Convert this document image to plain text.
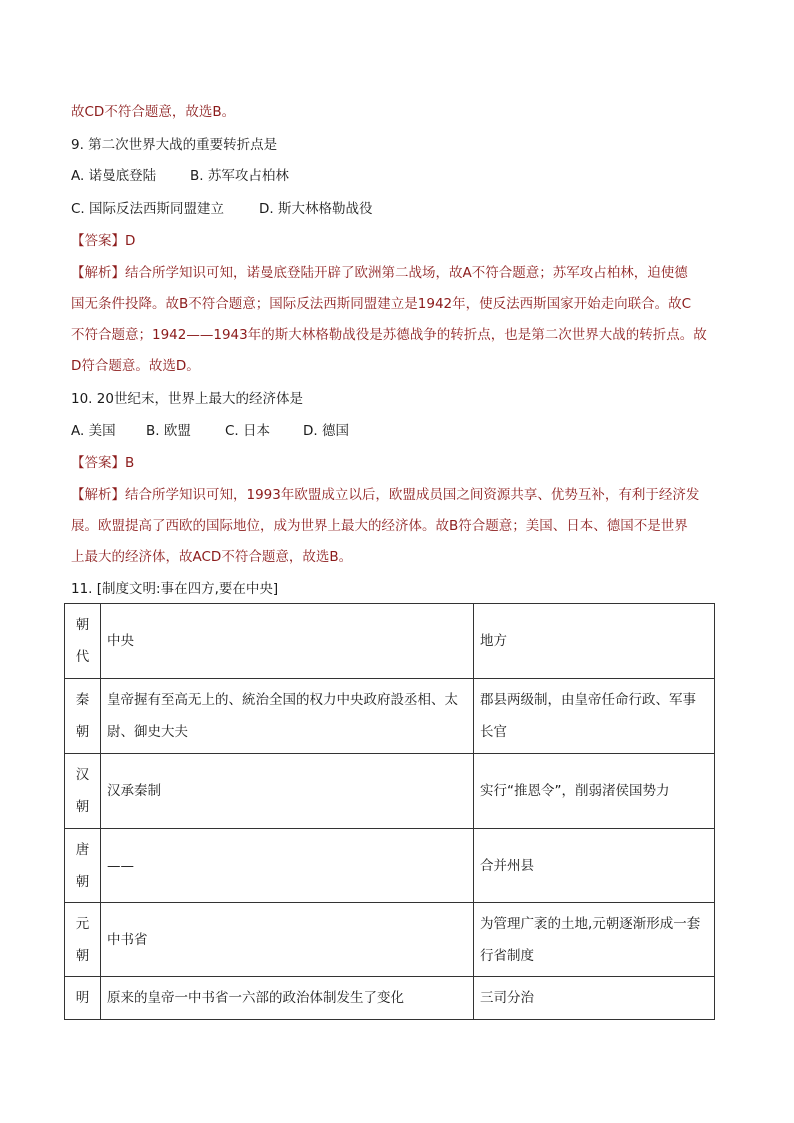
故CD不符合题意，故选B。
9. 第二次世界大战的重要转折点是
A. 诺曼底登陆	B. 苏军攻占柏林
C. 国际反法西斯同盟建立	D. 斯大林格勒战役
【答案】D
【解析】结合所学知识可知，诺曼底登陆开辟了欧洲第二战场，故A不符合题意；苏军攻占柏林，迫使德
国无条件投降。故B不符合题意；国际反法西斯同盟建立是1942年，使反法西斯国家开始走向联合。故C
不符合题意；1942——1943年的斯大林格勒战役是苏德战争的转折点，也是第二次世界大战的转折点。故
D符合题意。故选D。
10. 20世纪末，世界上最大的经济体是
A. 美国 B. 欧盟	C. 日本 D. 德国
【答案】B
【解析】结合所学知识可知，1993年欧盟成立以后，欧盟成员国之间资源共享、优势互补，有利于经济发
展。欧盟提高了西欧的国际地位，成为世界上最大的经济体。故B符合题意；美国、日本、德国不是世界
上最大的经济体，故ACD不符合题意，故选B。
11. [制度文明:事在四方,要在中央]
朝
代	中央	地方

秦
朝	皇帝握有至高无上的、統治全国的权力中央政府設丞相、太尉、御史大夫	郡县两级制，由皇帝任命行政、军事长官

汉
朝	汉承秦制	实行“推恩令”，削弱渚侯国势力

唐
朝	——	合并州县

元
朝	中书省	为管理广袤的土地,元朝逐渐形成一套行省制度

明	原来的皇帝一中书省一六部的政治体制发生了变化	三司分治
